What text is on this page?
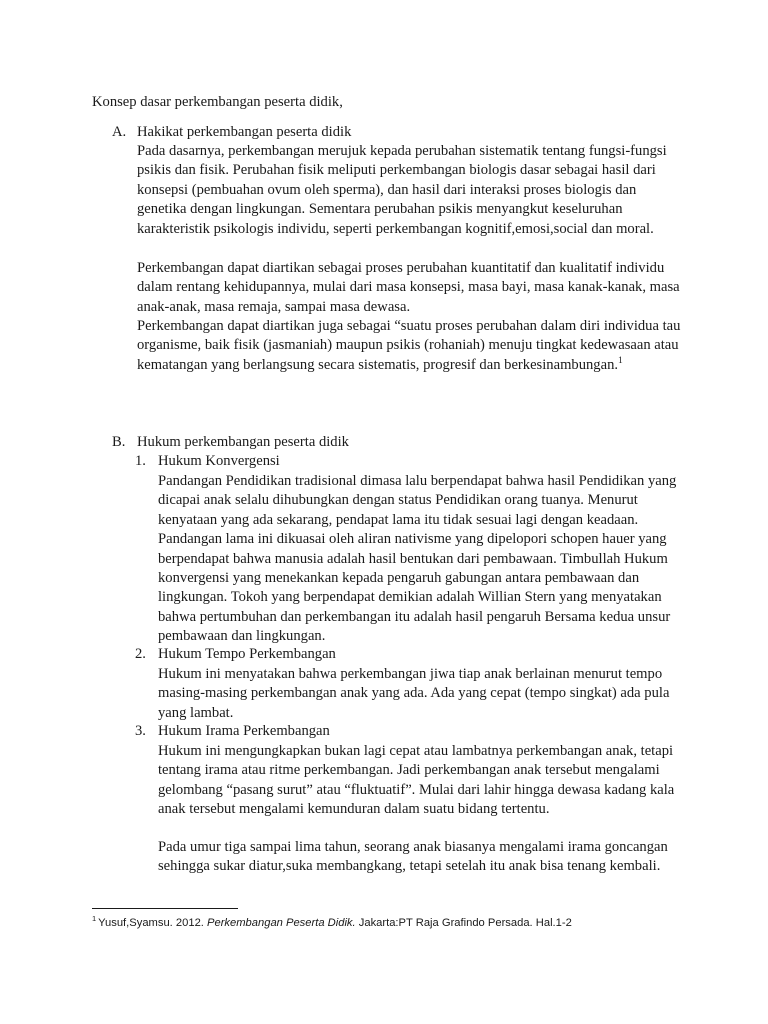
Konsep dasar perkembangan peserta didik,
A. Hakikat perkembangan peserta didik

Pada dasarnya, perkembangan merujuk kepada perubahan sistematik tentang fungsi-fungsi psikis dan fisik. Perubahan fisik meliputi perkembangan biologis dasar sebagai hasil dari konsepsi (pembuahan ovum oleh sperma), dan hasil dari interaksi proses biologis dan genetika dengan lingkungan. Sementara perubahan psikis menyangkut keseluruhan karakteristik psikologis individu, seperti perkembangan kognitif,emosi,social dan moral.

Perkembangan dapat diartikan sebagai proses perubahan kuantitatif dan kualitatif individu dalam rentang kehidupannya, mulai dari masa konsepsi, masa bayi, masa kanak-kanak, masa anak-anak, masa remaja, sampai masa dewasa.

Perkembangan dapat diartikan juga sebagai “suatu proses perubahan dalam diri individua tau organisme, baik fisik (jasmaniah) maupun psikis (rohaniah) menuju tingkat kedewasaan atau kematangan yang berlangsung secara sistematis, progresif dan berkesinambungan.$^1$

B. Hukum perkembangan peserta didik
1. Hukum Konvergensi

Pandangan Pendidikan tradisional dimasa lalu berpendapat bahwa hasil Pendidikan yang dicapai anak selalu dihubungkan dengan status Pendidikan orang tuanya. Menurut kenyataan yang ada sekarang, pendapat lama itu tidak sesuai lagi dengan keadaan. Pandangan lama ini dikuasai oleh aliran nativisme yang dipelopori schopen hauer yang berpendapat bahwa manusia adalah hasil bentukan dari pembawaan. Timbullah Hukum konvergensi yang menekankan kepada pengaruh gabungan antara pembawaan dan lingkungan. Tokoh yang berpendapat demikian adalah Willian Stern yang menyatakan bahwa pertumbuhan dan perkembangan itu adalah hasil pengaruh Bersama kedua unsur pembawaan dan lingkungan.

2. Hukum Tempo Perkembangan

Hukum ini menyatakan bahwa perkembangan jiwa tiap anak berlainan menurut tempo masing-masing perkembangan anak yang ada. Ada yang cepat (tempo singkat) ada pula yang lambat.

3. Hukum Irama Perkembangan

Hukum ini mengungkapkan bukan lagi cepat atau lambatnya perkembangan anak, tetapi tentang irama atau ritme perkembangan. Jadi perkembangan anak tersebut mengalami gelombang “pasang surut” atau “fluktuatif”. Mulai dari lahir hingga dewasa kadang kala anak tersebut mengalami kemunduran dalam suatu bidang tertentu.

Pada umur tiga sampai lima tahun, seorang anak biasanya mengalami irama goncangan sehingga sukar diatur,suka membangkang, tetapi setelah itu anak bisa tenang kembali.

$^1$ Yusuf,Syamsu. 2012. Perkembangan Peserta Didik. Jakarta:PT Raja Grafindo Persada. Hal.1-2
